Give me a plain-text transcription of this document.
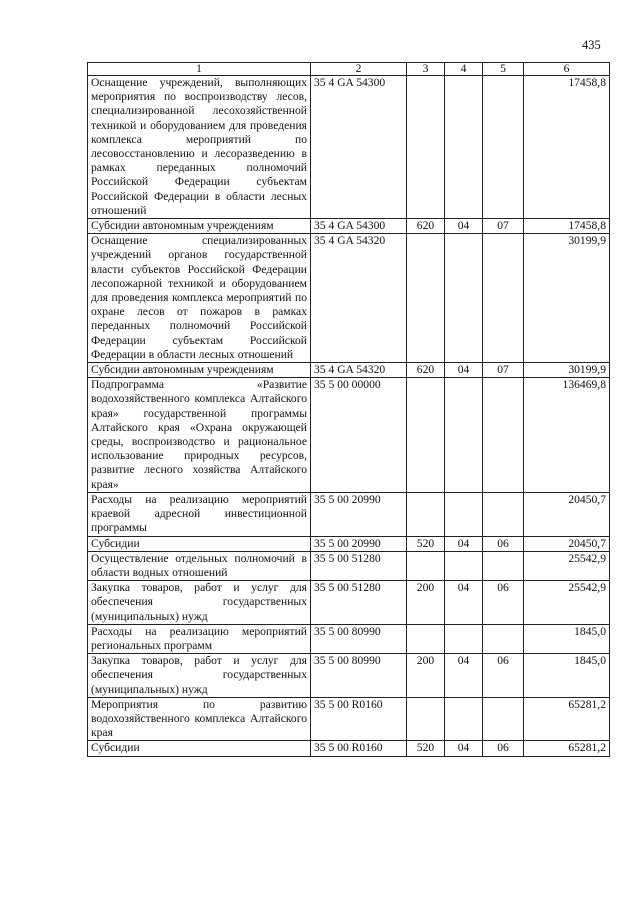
435
1	2	3	4	5	6
Оснащение учреждений, выполняющих мероприятия по воспроизводству лесов, специализированной лесохозяйственной техникой и оборудованием для проведения комплекса мероприятий по лесовосстановлению и лесоразведению в рамках переданных полномочий Российской Федерации субъектам Российской Федерации в области лесных отношений	35 4 GA 54300				17458,8
Субсидии автономным учреждениям	35 4 GA 54300	620	04	07	17458,8
Оснащение специализированных учреждений органов государственной власти субъектов Российской Федерации лесопожарной техникой и оборудованием для проведения комплекса мероприятий по охране лесов от пожаров в рамках переданных полномочий Российской Федерации субъектам Российской Федерации в области лесных отношений	35 4 GA 54320				30199,9
Субсидии автономным учреждениям	35 4 GA 54320	620	04	07	30199,9
Подпрограмма «Развитие водохозяйственного комплекса Алтайского края» государственной программы Алтайского края «Охрана окружающей среды, воспроизводство и рациональное использование природных ресурсов, развитие лесного хозяйства Алтайского края»	35 5 00 00000				136469,8
Расходы на реализацию мероприятий краевой адресной инвестиционной программы	35 5 00 20990				20450,7
Субсидии	35 5 00 20990	520	04	06	20450,7
Осуществление отдельных полномочий в области водных отношений	35 5 00 51280				25542,9
Закупка товаров, работ и услуг для обеспечения государственных (муниципальных) нужд	35 5 00 51280	200	04	06	25542,9
Расходы на реализацию мероприятий региональных программ	35 5 00 80990				1845,0
Закупка товаров, работ и услуг для обеспечения государственных (муниципальных) нужд	35 5 00 80990	200	04	06	1845,0
Мероприятия по развитию водохозяйственного комплекса Алтайского края	35 5 00 R0160				65281,2
Субсидии	35 5 00 R0160	520	04	06	65281,2
